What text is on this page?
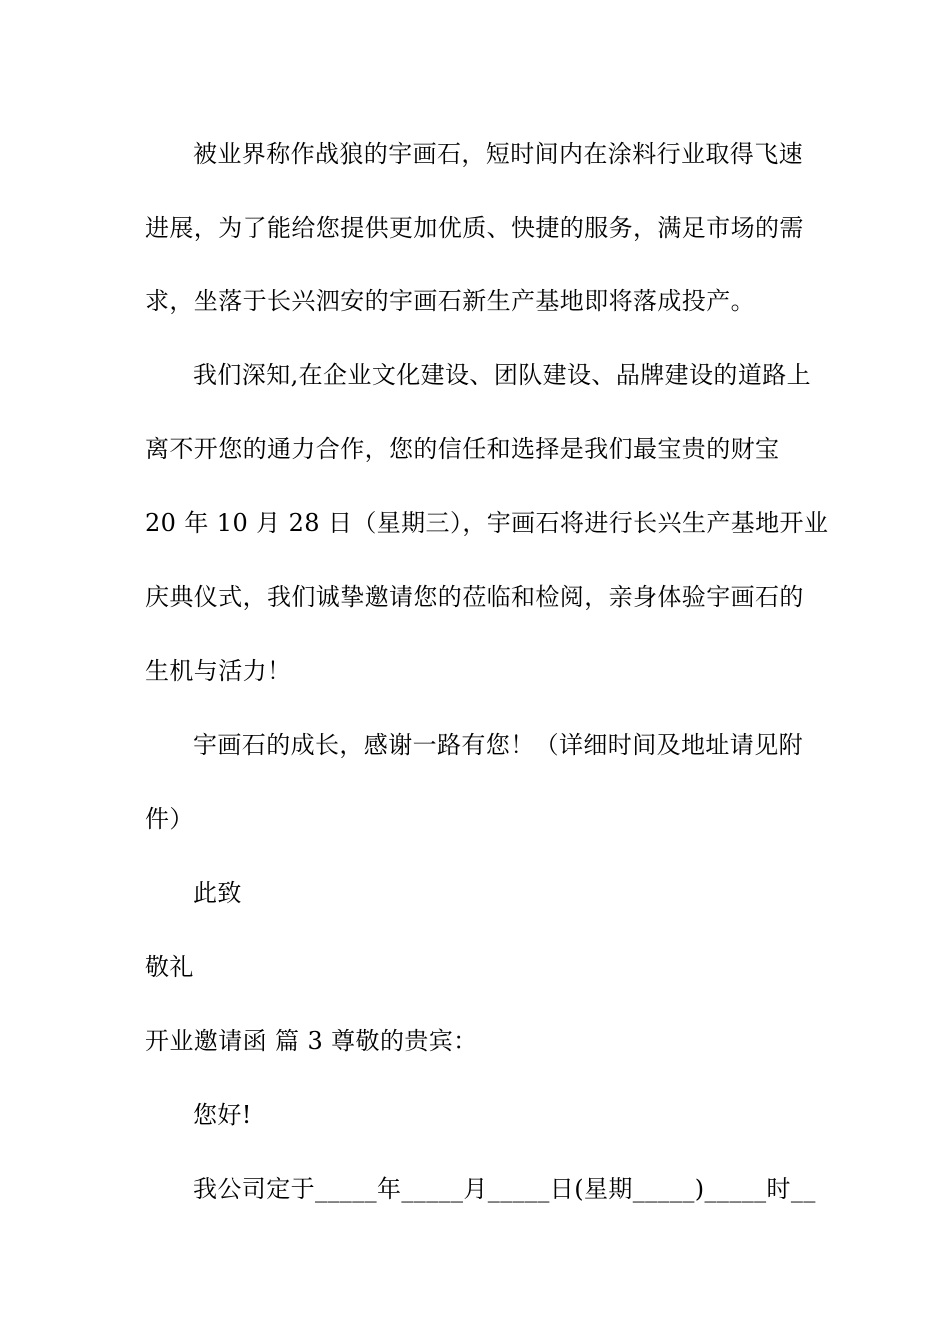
被业界称作战狼的宇画石，短时间内在涂料行业取得飞速
进展，为了能给您提供更加优质、快捷的服务，满足市场的需
求，坐落于长兴泗安的宇画石新生产基地即将落成投产。
我们深知,在企业文化建设、团队建设、品牌建设的道路上
离不开您的通力合作，您的信任和选择是我们最宝贵的财宝
20 年 10 月 28 日（星期三），宇画石将进行长兴生产基地开业
庆典仪式，我们诚挚邀请您的莅临和检阅，亲身体验宇画石的
生机与活力！
宇画石的成长，感谢一路有您！（详细时间及地址请见附
件）
此致
敬礼
开业邀请函 篇 3 尊敬的贵宾：
您好!
我公司定于_____年_____月_____日(星期_____)_____时__
